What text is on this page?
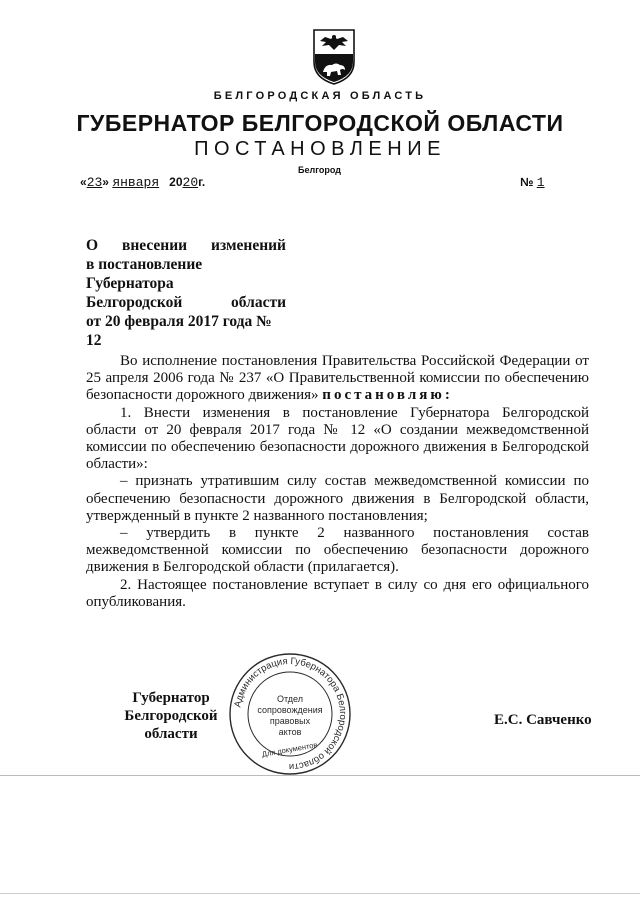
БЕЛГОРОДСКАЯ ОБЛАСТЬ
ГУБЕРНАТОР БЕЛГОРОДСКОЙ ОБЛАСТИ
ПОСТАНОВЛЕНИЕ
Белгород
«23» января 2020г.	№ 1
О внесении изменений
в постановление Губернатора
Белгородской области
от 20 февраля 2017 года № 12

Во исполнение постановления Правительства Российской Федерации от 25 апреля 2006 года № 237 «О Правительственной комиссии по обеспечению безопасности дорожного движения» постановляю:

1. Внести изменения в постановление Губернатора Белгородской области от 20 февраля 2017 года № 12 «О создании межведомственной комиссии по обеспечению безопасности дорожного движения в Белгородской области»:

– признать утратившим силу состав межведомственной комиссии по обеспечению безопасности дорожного движения в Белгородской области, утвержденный в пункте 2 названного постановления;

– утвердить в пункте 2 названного постановления состав межведомственной комиссии по обеспечению безопасности дорожного движения в Белгородской области (прилагается).

2. Настоящее постановление вступает в силу со дня его официального опубликования.

Губернатор
Белгородской области
Е.С. Савченко
Администрация Губернатора Белгородской области
Отдел
сопровождения
правовых
актов
Для документов
